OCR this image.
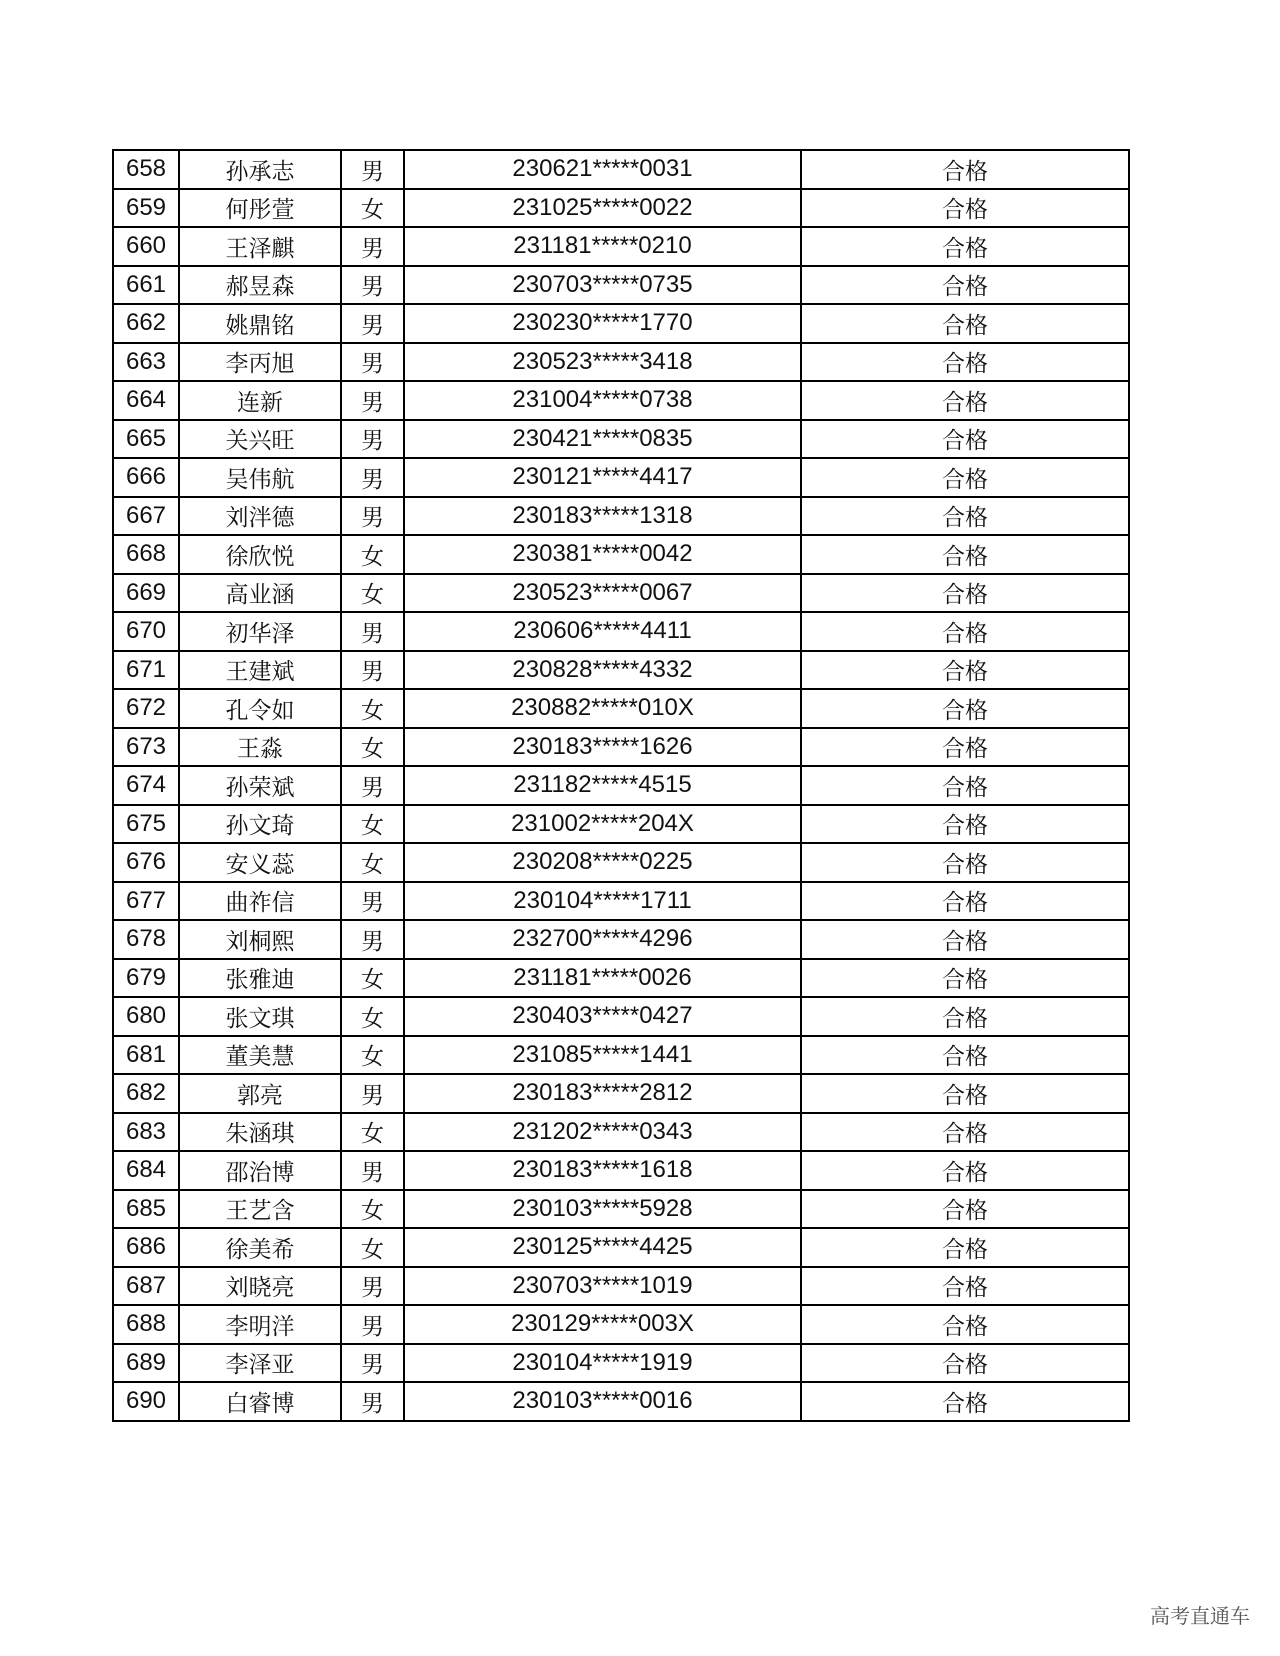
658	孙承志	男	230621*****0031	合格
659	何彤萱	女	231025*****0022	合格
660	王泽麒	男	231181*****0210	合格
661	郝昱森	男	230703*****0735	合格
662	姚鼎铭	男	230230*****1770	合格
663	李丙旭	男	230523*****3418	合格
664	连新	男	231004*****0738	合格
665	关兴旺	男	230421*****0835	合格
666	吴伟航	男	230121*****4417	合格
667	刘泮德	男	230183*****1318	合格
668	徐欣悦	女	230381*****0042	合格
669	高业涵	女	230523*****0067	合格
670	初华泽	男	230606*****4411	合格
671	王建斌	男	230828*****4332	合格
672	孔令如	女	230882*****010X	合格
673	王淼	女	230183*****1626	合格
674	孙荣斌	男	231182*****4515	合格
675	孙文琦	女	231002*****204X	合格
676	安义蕊	女	230208*****0225	合格
677	曲祚信	男	230104*****1711	合格
678	刘桐熙	男	232700*****4296	合格
679	张雅迪	女	231181*****0026	合格
680	张文琪	女	230403*****0427	合格
681	董美慧	女	231085*****1441	合格
682	郭亮	男	230183*****2812	合格
683	朱涵琪	女	231202*****0343	合格
684	邵治博	男	230183*****1618	合格
685	王艺含	女	230103*****5928	合格
686	徐美希	女	230125*****4425	合格
687	刘晓亮	男	230703*****1019	合格
688	李明洋	男	230129*****003X	合格
689	李泽亚	男	230104*****1919	合格
690	白睿博	男	230103*****0016	合格
高考直通车
